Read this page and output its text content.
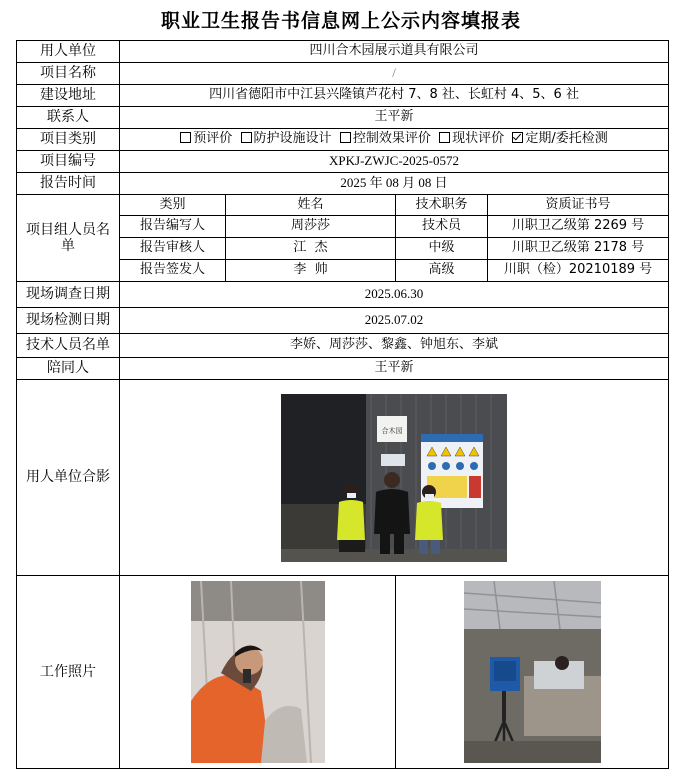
职业卫生报告书信息网上公示内容填报表
用人单位	四川合木园展示道具有限公司			
项目名称	/			
建设地址	四川省德阳市中江县兴隆镇芦花村 7、8 社、长虹村 4、5、6 社			
联系人	王平新			
项目类别	预评价 防护设施设计 控制效果评价 现状评价 定期/委托检测			
项目编号	XPKJ-ZWJC-2025-0572			
报告时间	2025 年 08 月 08 日			
项目组人员名单	类别	姓名	技术职务	资质证书号
	报告编写人	周莎莎	技术员	川职卫乙级第 2269 号
	报告审核人	江  杰	中级	川职卫乙级第 2178 号
	报告签发人	李  帅	高级	川职（检）20210189 号
现场调查日期	2025.06.30			
现场检测日期	2025.07.02			
技术人员名单	李娇、周莎莎、黎鑫、钟旭东、李斌			
陪同人	王平新			
用人单位合影	合木园			

工作照片	
